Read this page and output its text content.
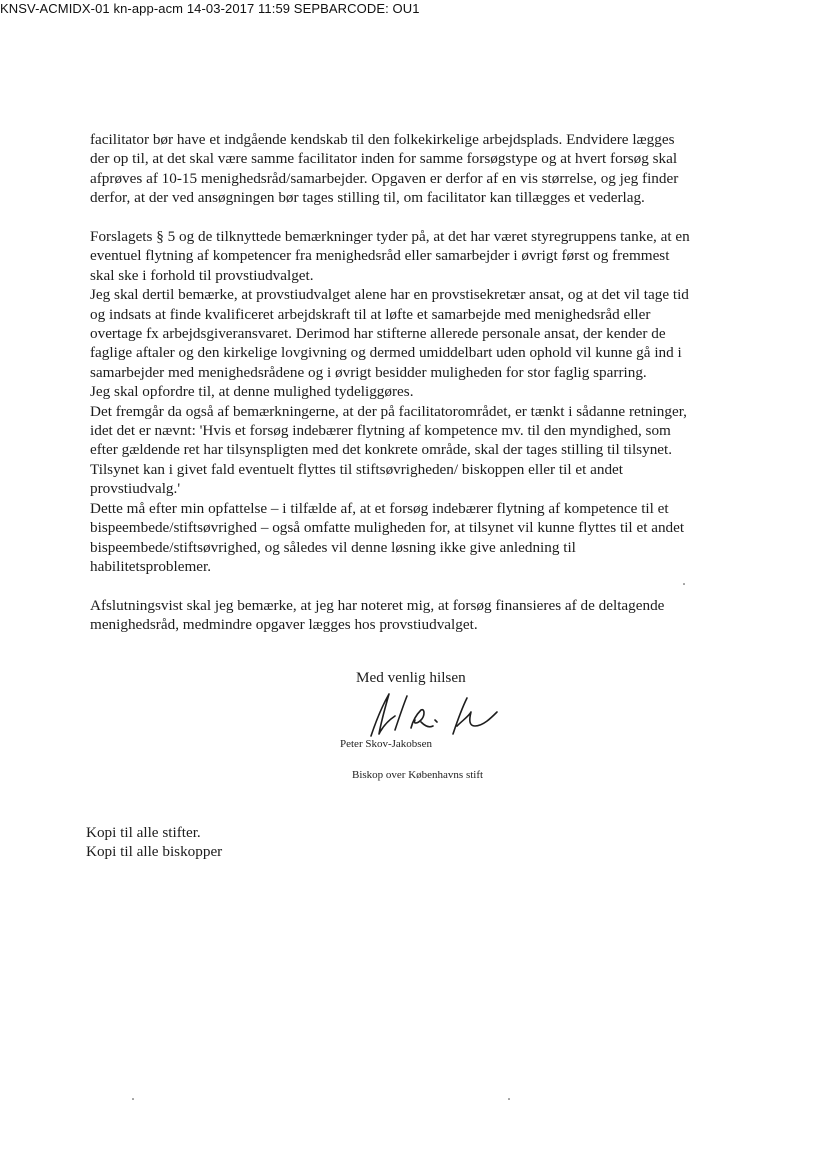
KNSV-ACMIDX-01 kn-app-acm 14-03-2017 11:59 SEPBARCODE: OU1

facilitator bør have et indgående kendskab til den folkekirkelige arbejdsplads. Endvidere lægges
der op til, at det skal være samme facilitator inden for samme forsøgstype og at hvert forsøg skal
afprøves af 10-15 menighedsråd/samarbejder. Opgaven er derfor af en vis størrelse, og jeg finder
derfor, at der ved ansøgningen bør tages stilling til, om facilitator kan tillægges et vederlag.

Forslagets § 5 og de tilknyttede bemærkninger tyder på, at det har været styregruppens tanke, at en
eventuel flytning af kompetencer fra menighedsråd eller samarbejder i øvrigt først og fremmest
skal ske i forhold til provstiudvalget.
Jeg skal dertil bemærke, at provstiudvalget alene har en provstisekretær ansat, og at det vil tage tid
og indsats at finde kvalificeret arbejdskraft til at løfte et samarbejde med menighedsråd eller
overtage fx arbejdsgiveransvaret. Derimod har stifterne allerede personale ansat, der kender de
faglige aftaler og den kirkelige lovgivning og dermed umiddelbart uden ophold vil kunne gå ind i
samarbejder med menighedsrådene og i øvrigt besidder muligheden for stor faglig sparring.
Jeg skal opfordre til, at denne mulighed tydeliggøres.
Det fremgår da også af bemærkningerne, at der på facilitatorområdet, er tænkt i sådanne retninger,
idet det er nævnt: 'Hvis et forsøg indebærer flytning af kompetence mv. til den myndighed, som
efter gældende ret har tilsynspligten med det konkrete område, skal der tages stilling til tilsynet.
Tilsynet kan i givet fald eventuelt flyttes til stiftsøvrigheden/ biskoppen eller til et andet
provstiudvalg.'
Dette må efter min opfattelse – i tilfælde af, at et forsøg indebærer flytning af kompetence til et
bispeembede/stiftsøvrighed – også omfatte muligheden for, at tilsynet vil kunne flyttes til et andet
bispeembede/stiftsøvrighed, og således vil denne løsning ikke give anledning til
habilitetsproblemer.

Afslutningsvist skal jeg bemærke, at jeg har noteret mig, at forsøg finansieres af de deltagende
menighedsråd, medmindre opgaver lægges hos provstiudvalget.

Med venlig hilsen
Peter Skov-Jakobsen
Biskop over Københavns stift
Kopi til alle stifter.
Kopi til alle biskopper
